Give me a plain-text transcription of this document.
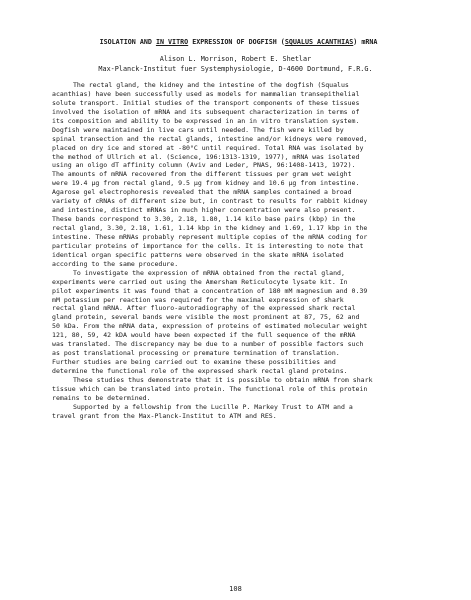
ISOLATION AND IN VITRO EXPRESSION OF DOGFISH (SQUALUS ACANTHIAS) mRNA
Alison L. Morrison, Robert E. Shetlar
Max-Planck-Institut fuer Systemphysiologie, D-4600 Dortmund, F.R.G.
The rectal gland, the kidney and the intestine of the dogfish (Squalus
acanthias) have been successfully used as models for mammalian transepithelial
solute transport. Initial studies of the transport components of these tissues
involved the isolation of mRNA and its subsequent characterization in terms of
its composition and ability to be expressed in an in vitro translation system.
Dogfish were maintained in live cars until needed. The fish were killed by
spinal transection and the rectal glands, intestine and/or kidneys were removed,
placed on dry ice and stored at -80°C until required. Total RNA was isolated by
the method of Ullrich et al. (Science, 196:1313-1319, 1977), mRNA was isolated
using an oligo dT affinity column (Aviv and Leder, PNAS, 96:1408-1413, 1972).
The amounts of mRNA recovered from the different tissues per gram wet weight
were 19.4 µg from rectal gland, 9.5 µg from kidney and 10.6 µg from intestine.
Agarose gel electrophoresis revealed that the mRNA samples contained a broad
variety of cRNAs of different size but, in contrast to results for rabbit kidney
and intestine, distinct mRNAs in much higher concentration were also present.
These bands correspond to 3.30, 2.18, 1.80, 1.14 kilo base pairs (kbp) in the
rectal gland, 3.30, 2.18, 1.61, 1.14 kbp in the kidney and 1.69, 1.17 kbp in the
intestine. These mRNAs probably represent multiple copies of the mRNA coding for
particular proteins of importance for the cells. It is interesting to note that
identical organ specific patterns were observed in the skate mRNA isolated
according to the same procedure.
To investigate the expression of mRNA obtained from the rectal gland,
experiments were carried out using the Amersham Reticulocyte lysate kit. In
pilot experiments it was found that a concentration of 180 mM magnesium and 0.39
mM potassium per reaction was required for the maximal expression of shark
rectal gland mRNA. After fluoro-autoradiography of the expressed shark rectal
gland protein, several bands were visible the most prominent at 87, 75, 62 and
50 kDa. From the mRNA data, expression of proteins of estimated molecular weight
121, 80, 59, 42 kDA would have been expected if the full sequence of the mRNA
was translated. The discrepancy may be due to a number of possible factors such
as post translational processing or premature termination of translation.
Further studies are being carried out to examine these possibilities and
determine the functional role of the expressed shark rectal gland proteins.
These studies thus demonstrate that it is possible to obtain mRNA from shark
tissue which can be translated into protein. The functional role of this protein
remains to be determined.
Supported by a fellowship from the Lucille P. Markey Trust to ATM and a
travel grant from the Max-Planck-Institut to ATM and RES.
108
